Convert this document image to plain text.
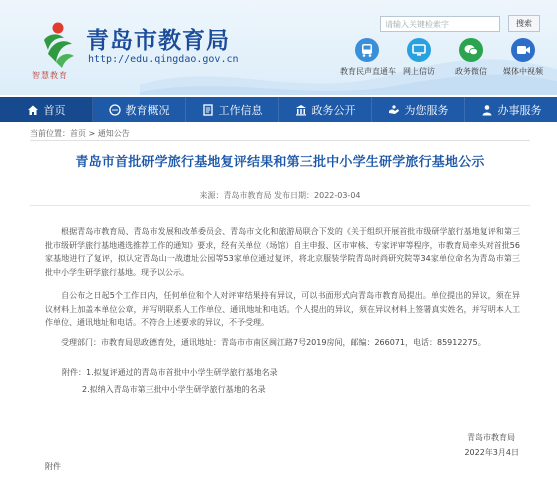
智慧教育
青岛市教育局
http://edu.qingdao.gov.cn
请输入关键检索字
搜索
教育民声直通车 网上信访	政务微信	媒体中视频
首页	教育概况	工作信息	政务公开	为您服务	办事服务
当前位置：首页 > 通知公告
青岛市首批研学旅行基地复评结果和第三批中小学生研学旅行基地公示
来源：青岛市教育局 发布日期：2022-03-04
根据青岛市教育局、青岛市发展和改革委员会、青岛市文化和旅游局联合下发的《关于组织开展首批市级研学旅行基地复评和第三批市级研学旅行基地遴选推荐工作的通知》要求，经有关单位（场馆）自主申报、区市审核、专家评审等程序，市教育局牵头对首批56家基地进行了复评，拟认定青岛山一战遗址公园等53家单位通过复评，将北京服装学院青岛时尚研究院等34家单位命名为青岛市第三批中小学生研学旅行基地。现予以公示。
自公布之日起5个工作日内，任何单位和个人对评审结果持有异议，可以书面形式向青岛市教育局提出。单位提出的异议，须在异议材料上加盖本单位公章，并写明联系人工作单位、通讯地址和电话。个人提出的异议，须在异议材料上签署真实姓名，并写明本人工作单位、通讯地址和电话。不符合上述要求的异议，不予受理。
受理部门：市教育局思政德育处，通讯地址：青岛市市南区闽江路7号2019房间，邮编：266071，电话：85912275。
附件：1.拟复评通过的青岛市首批中小学生研学旅行基地名录
2.拟纳入青岛市第三批中小学生研学旅行基地的名录
青岛市教育局
2022年3月4日
附件
